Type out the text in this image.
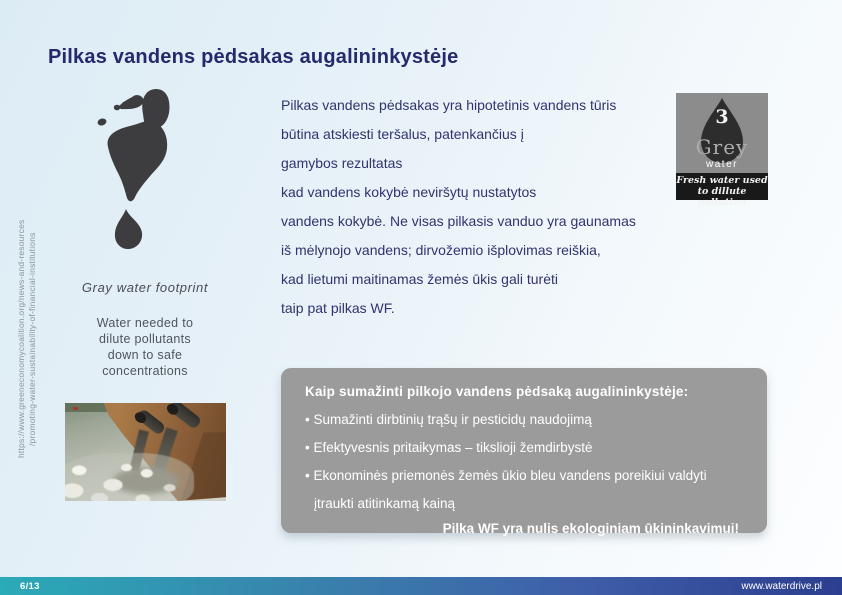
Pilkas vandens pėdsakas augalininkystėje
https://www.greeneconomycoalition.org/news-and-resources /promoting-water-sustainability-of-financial-institutions	Gray water footprint
Water needed to
dilute pollutants
down to safe
concentrations
Pilkas vandens pėdsakas yra hipotetinis vandens tūris
būtina atskiesti teršalus, patenkančius į
gamybos rezultatas
kad vandens kokybė neviršytų nustatytos
vandens kokybė. Ne visas pilkasis vanduo yra gaunamas
iš mėlynojo vandens; dirvožemio išplovimas reiškia,
kad lietumi maitinamas žemės ūkis gali turėti
taip pat pilkas WF.
3
Grey
water
Fresh water used
to dillute pollution
Kaip sumažinti pilkojo vandens pėdsaką augalininkystėje:
• Sumažinti dirbtinių trąšų ir pesticidų naudojimą
• Efektyvesnis pritaikymas – tikslioji žemdirbystė
• Ekonominės priemonės žemės ūkio bleu vandens poreikiui valdyti
įtraukti atitinkamą kainą
Pilka WF yra nulis ekologiniam ūkininkavimui!
6/13	www.waterdrive.pl
